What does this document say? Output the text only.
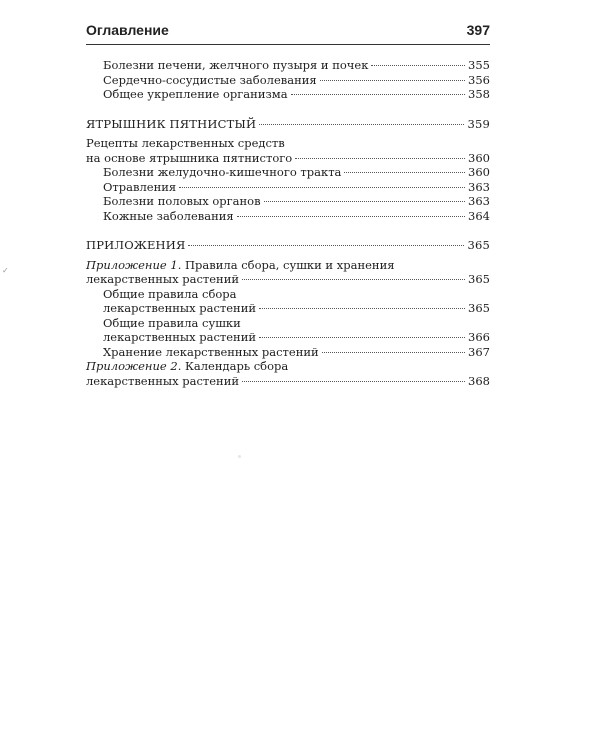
Оглавление	397
Болезни печени, желчного пузыря и почек	355
Сердечно-сосудистые заболевания	356
Общее укрепление организма	358
ЯТРЫШНИК ПЯТНИСТЫЙ	359
Рецепты лекарственных средств
на основе ятрышника пятнистого	360
Болезни желудочно-кишечного тракта	360
Отравления	363
Болезни половых органов	363
Кожные заболевания	364
ПРИЛОЖЕНИЯ	365
Приложение 1. Правила сбора, сушки и хранения
лекарственных растений	365
Общие правила сбора
лекарственных растений	365
Общие правила сушки
лекарственных растений	366
Хранение лекарственных растений	367
Приложение 2. Календарь сбора
лекарственных растений	368
✓
